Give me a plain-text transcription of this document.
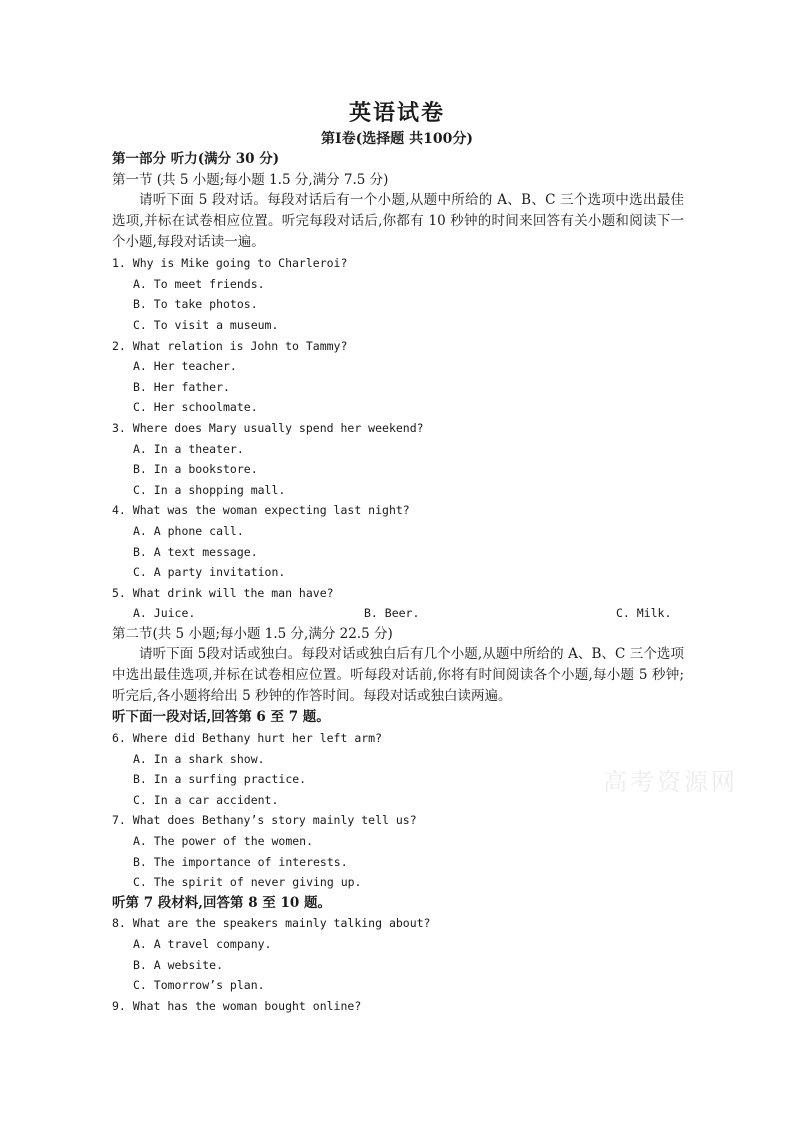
英语试卷
第Ⅰ卷(选择题 共100分)
第一部分 听力(满分 30 分)
第一节 (共 5 小题;每小题 1.5 分,满分 7.5 分)
请听下面 5 段对话。每段对话后有一个小题,从题中所给的 A、B、C 三个选项中选出最佳选项,并标在试卷相应位置。听完每段对话后,你都有 10 秒钟的时间来回答有关小题和阅读下一个小题,每段对话读一遍。
1. Why is Mike going to Charleroi?
A. To meet friends.
B. To take photos.
C. To visit a museum.
2. What relation is John to Tammy?
A. Her teacher.
B. Her father.
C. Her schoolmate.
3. Where does Mary usually spend her weekend?
A. In a theater.
B. In a bookstore.
C. In a shopping mall.
4. What was the woman expecting last night?
A. A phone call.
B. A text message.
C. A party invitation.
5. What drink will the man have?
A. Juice.	B. Beer.	C. Milk.
第二节(共 5 小题;每小题 1.5 分,满分 22.5 分)
请听下面 5段对话或独白。每段对话或独白后有几个小题,从题中所给的 A、B、C 三个选项中选出最佳选项,并标在试卷相应位置。听每段对话前,你将有时间阅读各个小题,每小题 5 秒钟;听完后,各小题将给出 5 秒钟的作答时间。每段对话或独白读两遍。
听下面一段对话,回答第 6 至 7 题。
6. Where did Bethany hurt her left arm?
A. In a shark show.
B. In a surfing practice.
C. In a car accident.
7. What does Bethany’s story mainly tell us?
A. The power of the women.
B. The importance of interests.
C. The spirit of never giving up.
听第 7 段材料,回答第 8 至 10 题。
8. What are the speakers mainly talking about?
A. A travel company.
B. A website.
C. Tomorrow’s plan.
9. What has the woman bought online?
高考资源网
